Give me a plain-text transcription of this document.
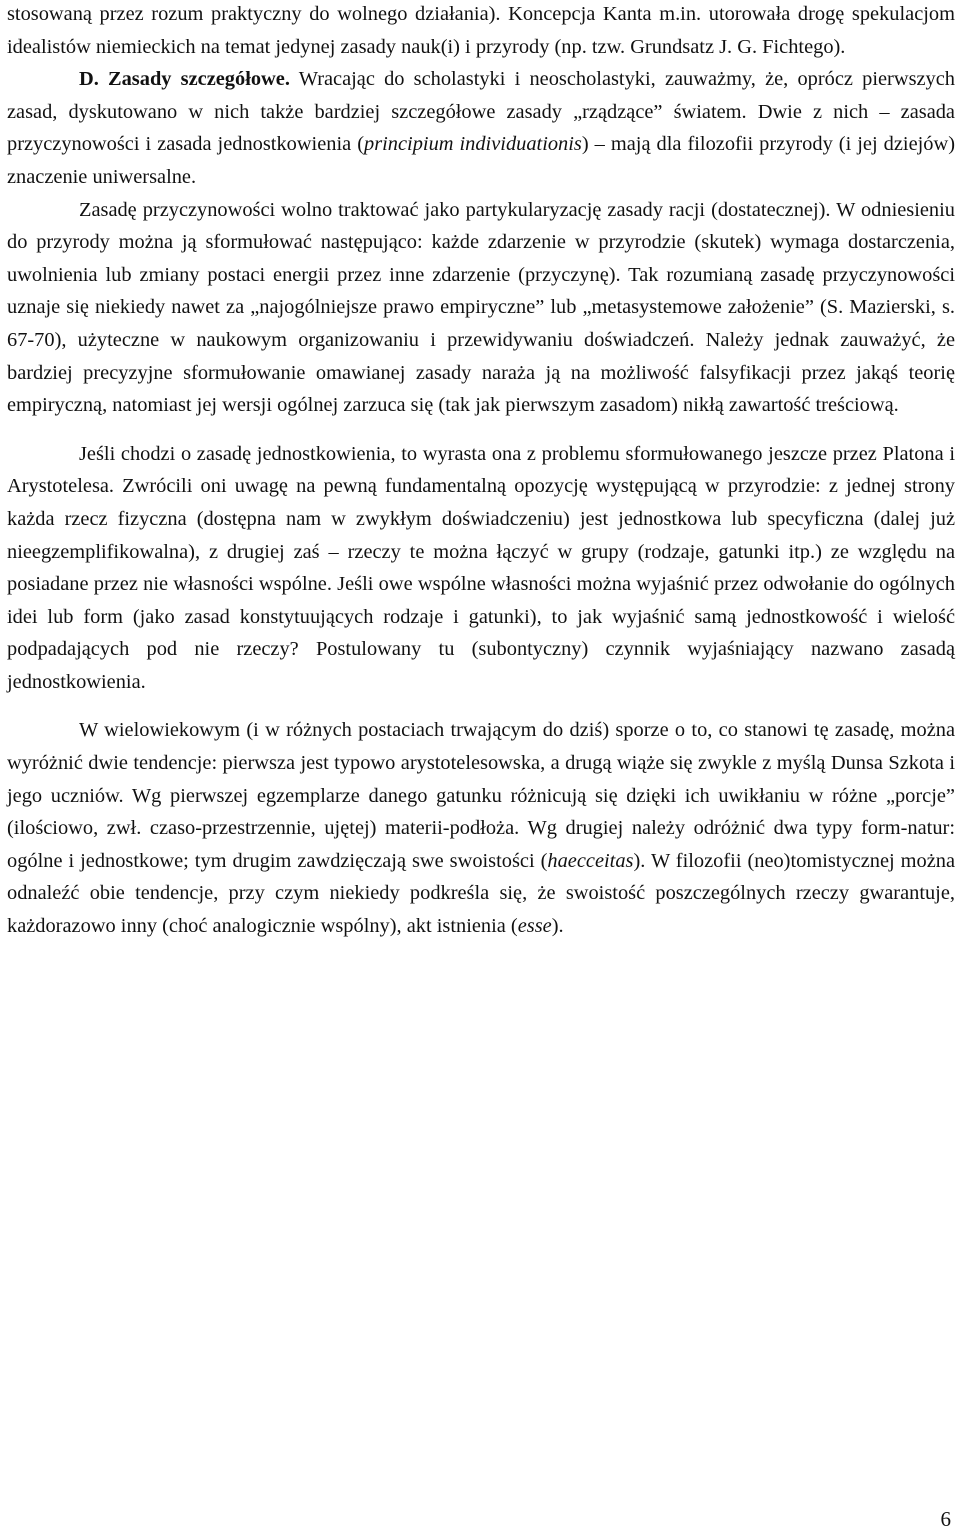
stosowaną przez rozum praktyczny do wolnego działania). Koncepcja Kanta m.in. utorowała drogę spekulacjom idealistów niemieckich na temat jedynej zasady nauk(i) i przyrody (np. tzw. Grundsatz J. G. Fichtego).

D. Zasady szczegółowe. Wracając do scholastyki i neoscholastyki, zauważmy, że, oprócz pierwszych zasad, dyskutowano w nich także bardziej szczegółowe zasady „rządzące” światem. Dwie z nich – zasada przyczynowości i zasada jednostkowienia (principium individuationis) – mają dla filozofii przyrody (i jej dziejów) znaczenie uniwersalne.

Zasadę przyczynowości wolno traktować jako partykularyzację zasady racji (dostatecznej). W odniesieniu do przyrody można ją sformułować następująco: każde zdarzenie w przyrodzie (skutek) wymaga dostarczenia, uwolnienia lub zmiany postaci energii przez inne zdarzenie (przyczynę). Tak rozumianą zasadę przyczynowości uznaje się niekiedy nawet za „najogólniejsze prawo empiryczne” lub „metasystemowe założenie” (S. Mazierski, s. 67-70), użyteczne w naukowym organizowaniu i przewidywaniu doświadczeń. Należy jednak zauważyć, że bardziej precyzyjne sformułowanie omawianej zasady naraża ją na możliwość falsyfikacji przez jakąś teorię empiryczną, natomiast jej wersji ogólnej zarzuca się (tak jak pierwszym zasadom) nikłą zawartość treściową.

Jeśli chodzi o zasadę jednostkowienia, to wyrasta ona z problemu sformułowanego jeszcze przez Platona i Arystotelesa. Zwrócili oni uwagę na pewną fundamentalną opozycję występującą w przyrodzie: z jednej strony każda rzecz fizyczna (dostępna nam w zwykłym doświadczeniu) jest jednostkowa lub specyficzna (dalej już nieegzemplifikowalna), z drugiej zaś – rzeczy te można łączyć w grupy (rodzaje, gatunki itp.) ze względu na posiadane przez nie własności wspólne. Jeśli owe wspólne własności można wyjaśnić przez odwołanie do ogólnych idei lub form (jako zasad konstytuujących rodzaje i gatunki), to jak wyjaśnić samą jednostkowość i wielość podpadających pod nie rzeczy? Postulowany tu (subontyczny) czynnik wyjaśniający nazwano zasadą jednostkowienia.

W wielowiekowym (i w różnych postaciach trwającym do dziś) sporze o to, co stanowi tę zasadę, można wyróżnić dwie tendencje: pierwsza jest typowo arystotelesowska, a drugą wiąże się zwykle z myślą Dunsa Szkota i jego uczniów. Wg pierwszej egzemplarze danego gatunku różnicują się dzięki ich uwikłaniu w różne „porcje” (ilościowo, zwł. czaso-przestrzennie, ujętej) materii-podłoża. Wg drugiej należy odróżnić dwa typy form-natur: ogólne i jednostkowe; tym drugim zawdzięczają swe swoistości (haecceitas). W filozofii (neo)tomistycznej można odnaleźć obie tendencje, przy czym niekiedy podkreśla się, że swoistość poszczególnych rzeczy gwarantuje, każdorazowo inny (choć analogicznie wspólny), akt istnienia (esse).

6
